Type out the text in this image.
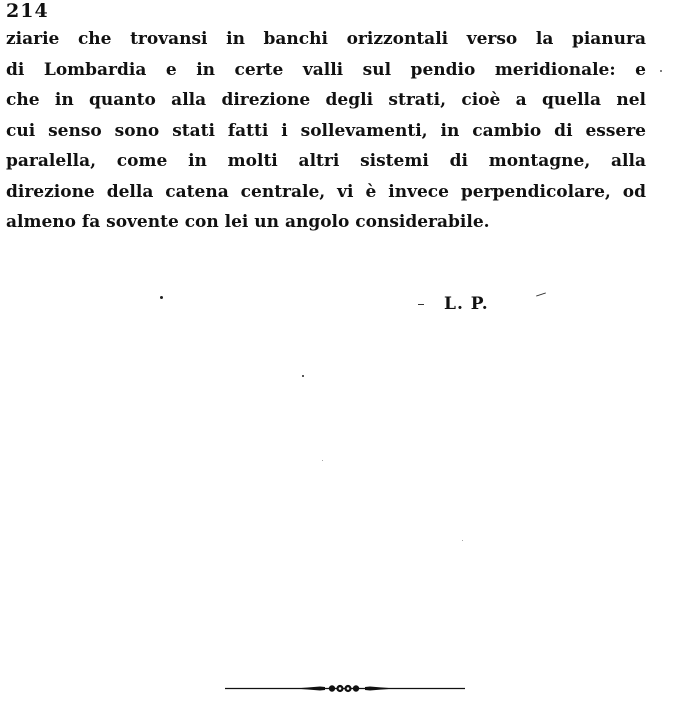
214
ziarie che trovansi in banchi orizzontali verso la pianura
di Lombardia e in certe valli sul pendio meridionale: e
che in quanto alla direzione degli strati, cioè a quella nel
cui senso sono stati fatti i sollevamenti, in cambio di essere
paralella, come in molti altri sistemi di montagne, alla
direzione della catena centrale, vi è invece perpendicolare, od
almeno fa sovente con lei un angolo considerabile.
L. P.
